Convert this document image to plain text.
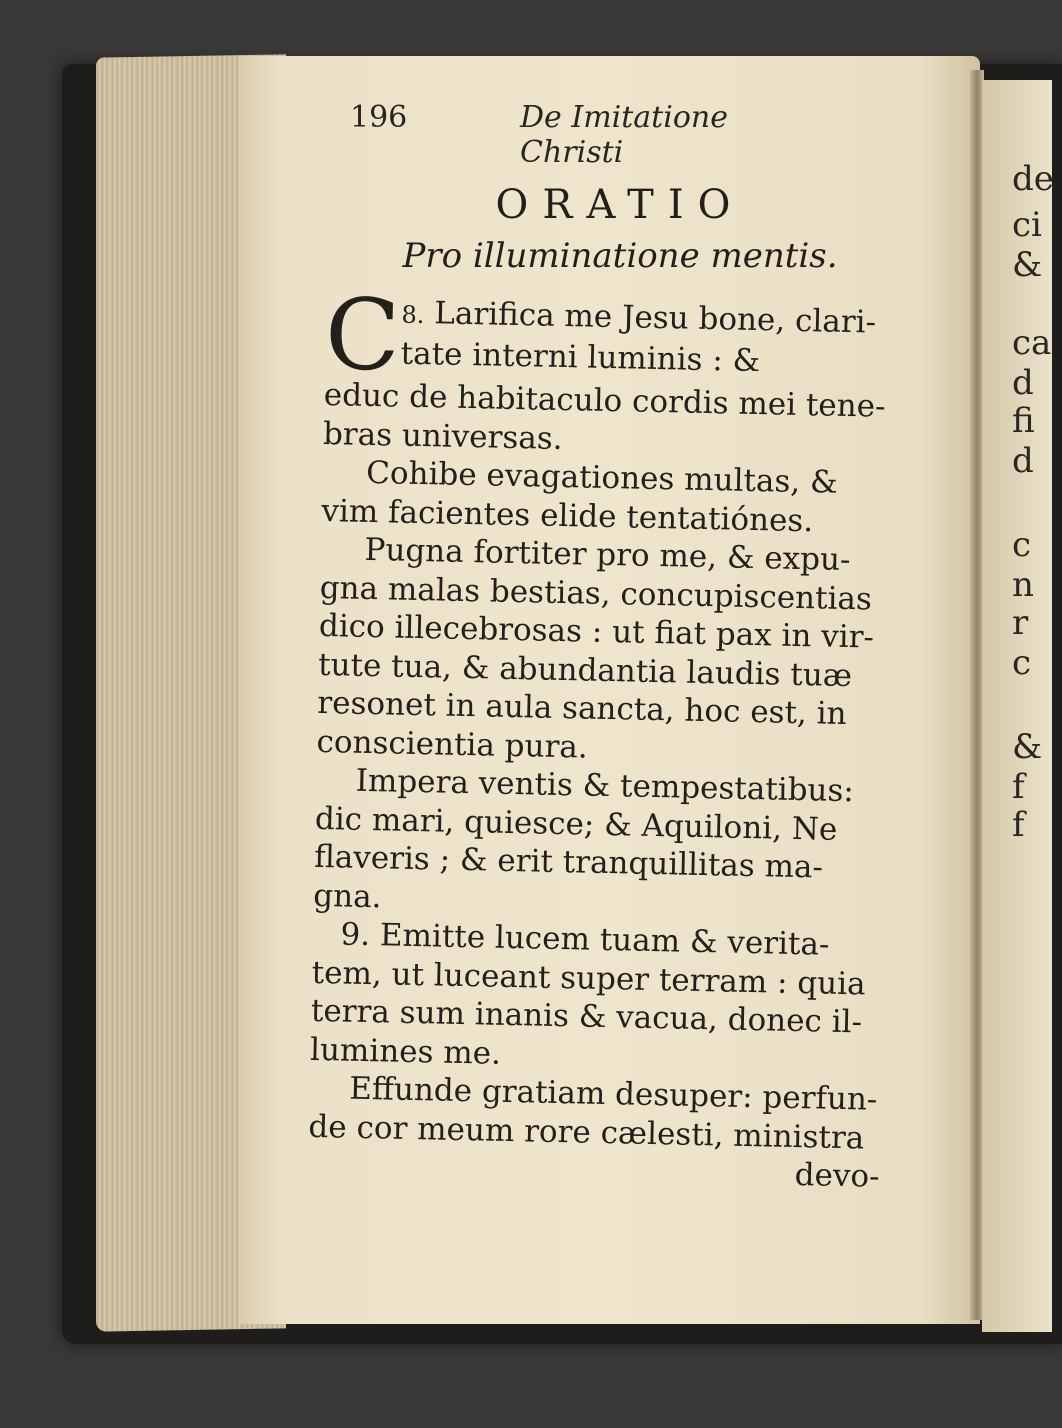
de
ci
&
ca
d
fi
d
c
n
r
c
&
f
f
196	De Imitatione Christi
ORATIO
Pro illuminatione mentis.
C 8. Larifica me Jesu bone, clari-
tate interni luminis : &
educ de habitaculo cordis mei tene-
bras universas.
Cohibe evagationes multas, &
vim facientes elide tentatiónes.
Pugna fortiter pro me, & expu-
gna malas bestias, concupiscentias
dico illecebrosas : ut fiat pax in vir-
tute tua, & abundantia laudis tuæ
resonet in aula sancta, hoc est, in
conscientia pura.
Impera ventis & tempestatibus:
dic mari, quiesce; & Aquiloni, Ne
flaveris ; & erit tranquillitas ma-
gna.
9. Emitte lucem tuam & verita-
tem, ut luceant super terram : quia
terra sum inanis & vacua, donec il-
lumines me.
Effunde gratiam desuper: perfun-
de cor meum rore cælesti, ministra
devo-
